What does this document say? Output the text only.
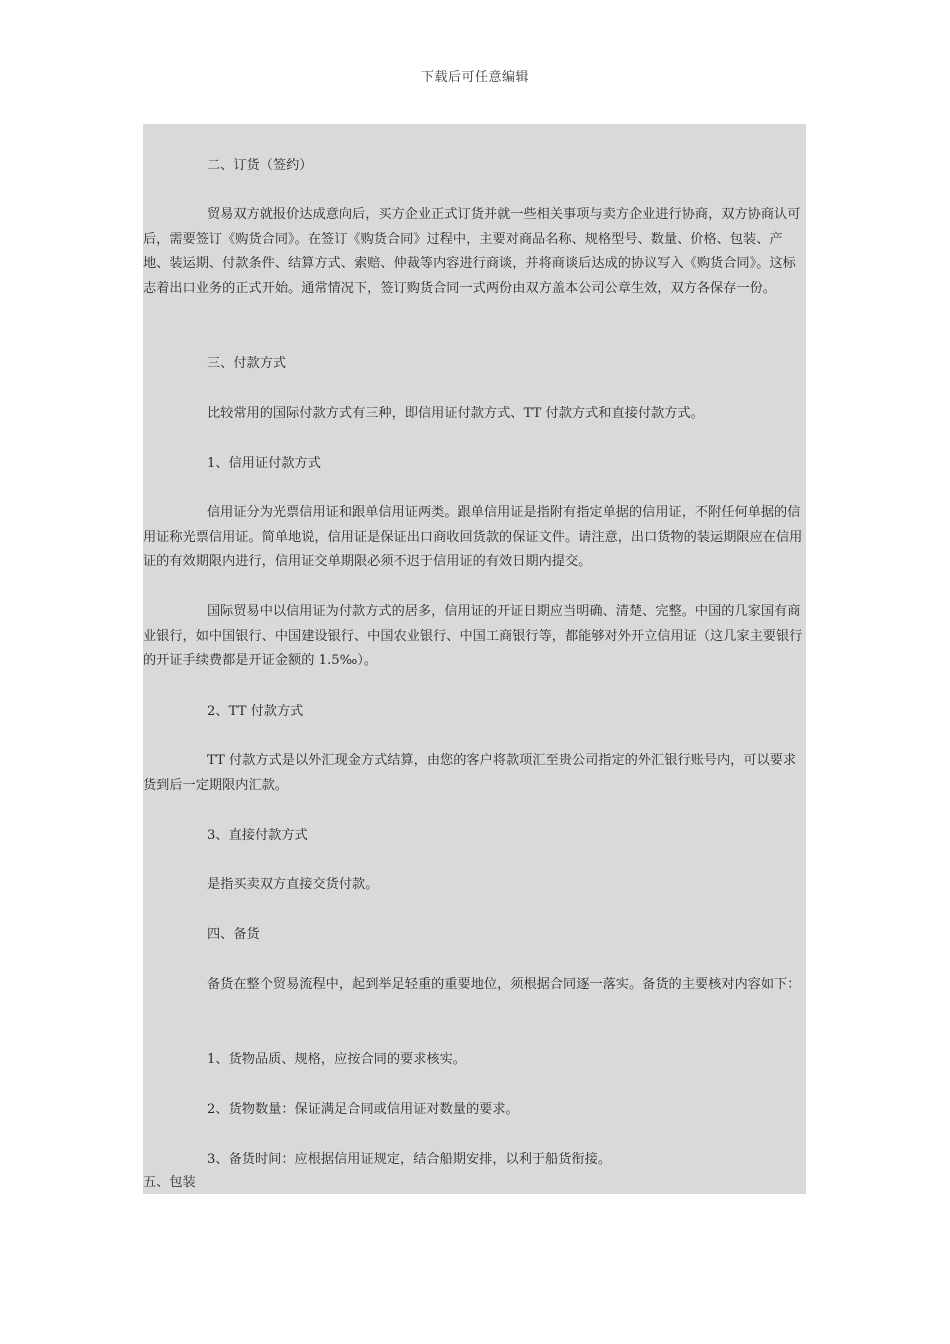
下载后可任意编辑

二、订货（签约）

贸易双方就报价达成意向后，买方企业正式订货并就一些相关事项与卖方企业进行协商，双方协商认可后，需要签订《购货合同》。在签订《购货合同》过程中，主要对商品名称、规格型号、数量、价格、包装、产地、装运期、付款条件、结算方式、索赔、仲裁等内容进行商谈，并将商谈后达成的协议写入《购货合同》。这标志着出口业务的正式开始。通常情况下，签订购货合同一式两份由双方盖本公司公章生效，双方各保存一份。

三、付款方式

比较常用的国际付款方式有三种，即信用证付款方式、TT 付款方式和直接付款方式。

1、信用证付款方式

信用证分为光票信用证和跟单信用证两类。跟单信用证是指附有指定单据的信用证，不附任何单据的信用证称光票信用证。简单地说，信用证是保证出口商收回货款的保证文件。请注意，出口货物的装运期限应在信用证的有效期限内进行，信用证交单期限必须不迟于信用证的有效日期内提交。

国际贸易中以信用证为付款方式的居多，信用证的开证日期应当明确、清楚、完整。中国的几家国有商业银行，如中国银行、中国建设银行、中国农业银行、中国工商银行等，都能够对外开立信用证（这几家主要银行的开证手续费都是开证金额的 1.5‰）。

2、TT 付款方式

TT 付款方式是以外汇现金方式结算，由您的客户将款项汇至贵公司指定的外汇银行账号内，可以要求货到后一定期限内汇款。

3、直接付款方式

是指买卖双方直接交货付款。

四、备货

备货在整个贸易流程中，起到举足轻重的重要地位，须根据合同逐一落实。备货的主要核对内容如下：

1、货物品质、规格，应按合同的要求核实。

2、货物数量：保证满足合同或信用证对数量的要求。

3、备货时间：应根据信用证规定，结合船期安排，以利于船货衔接。

五、包装
